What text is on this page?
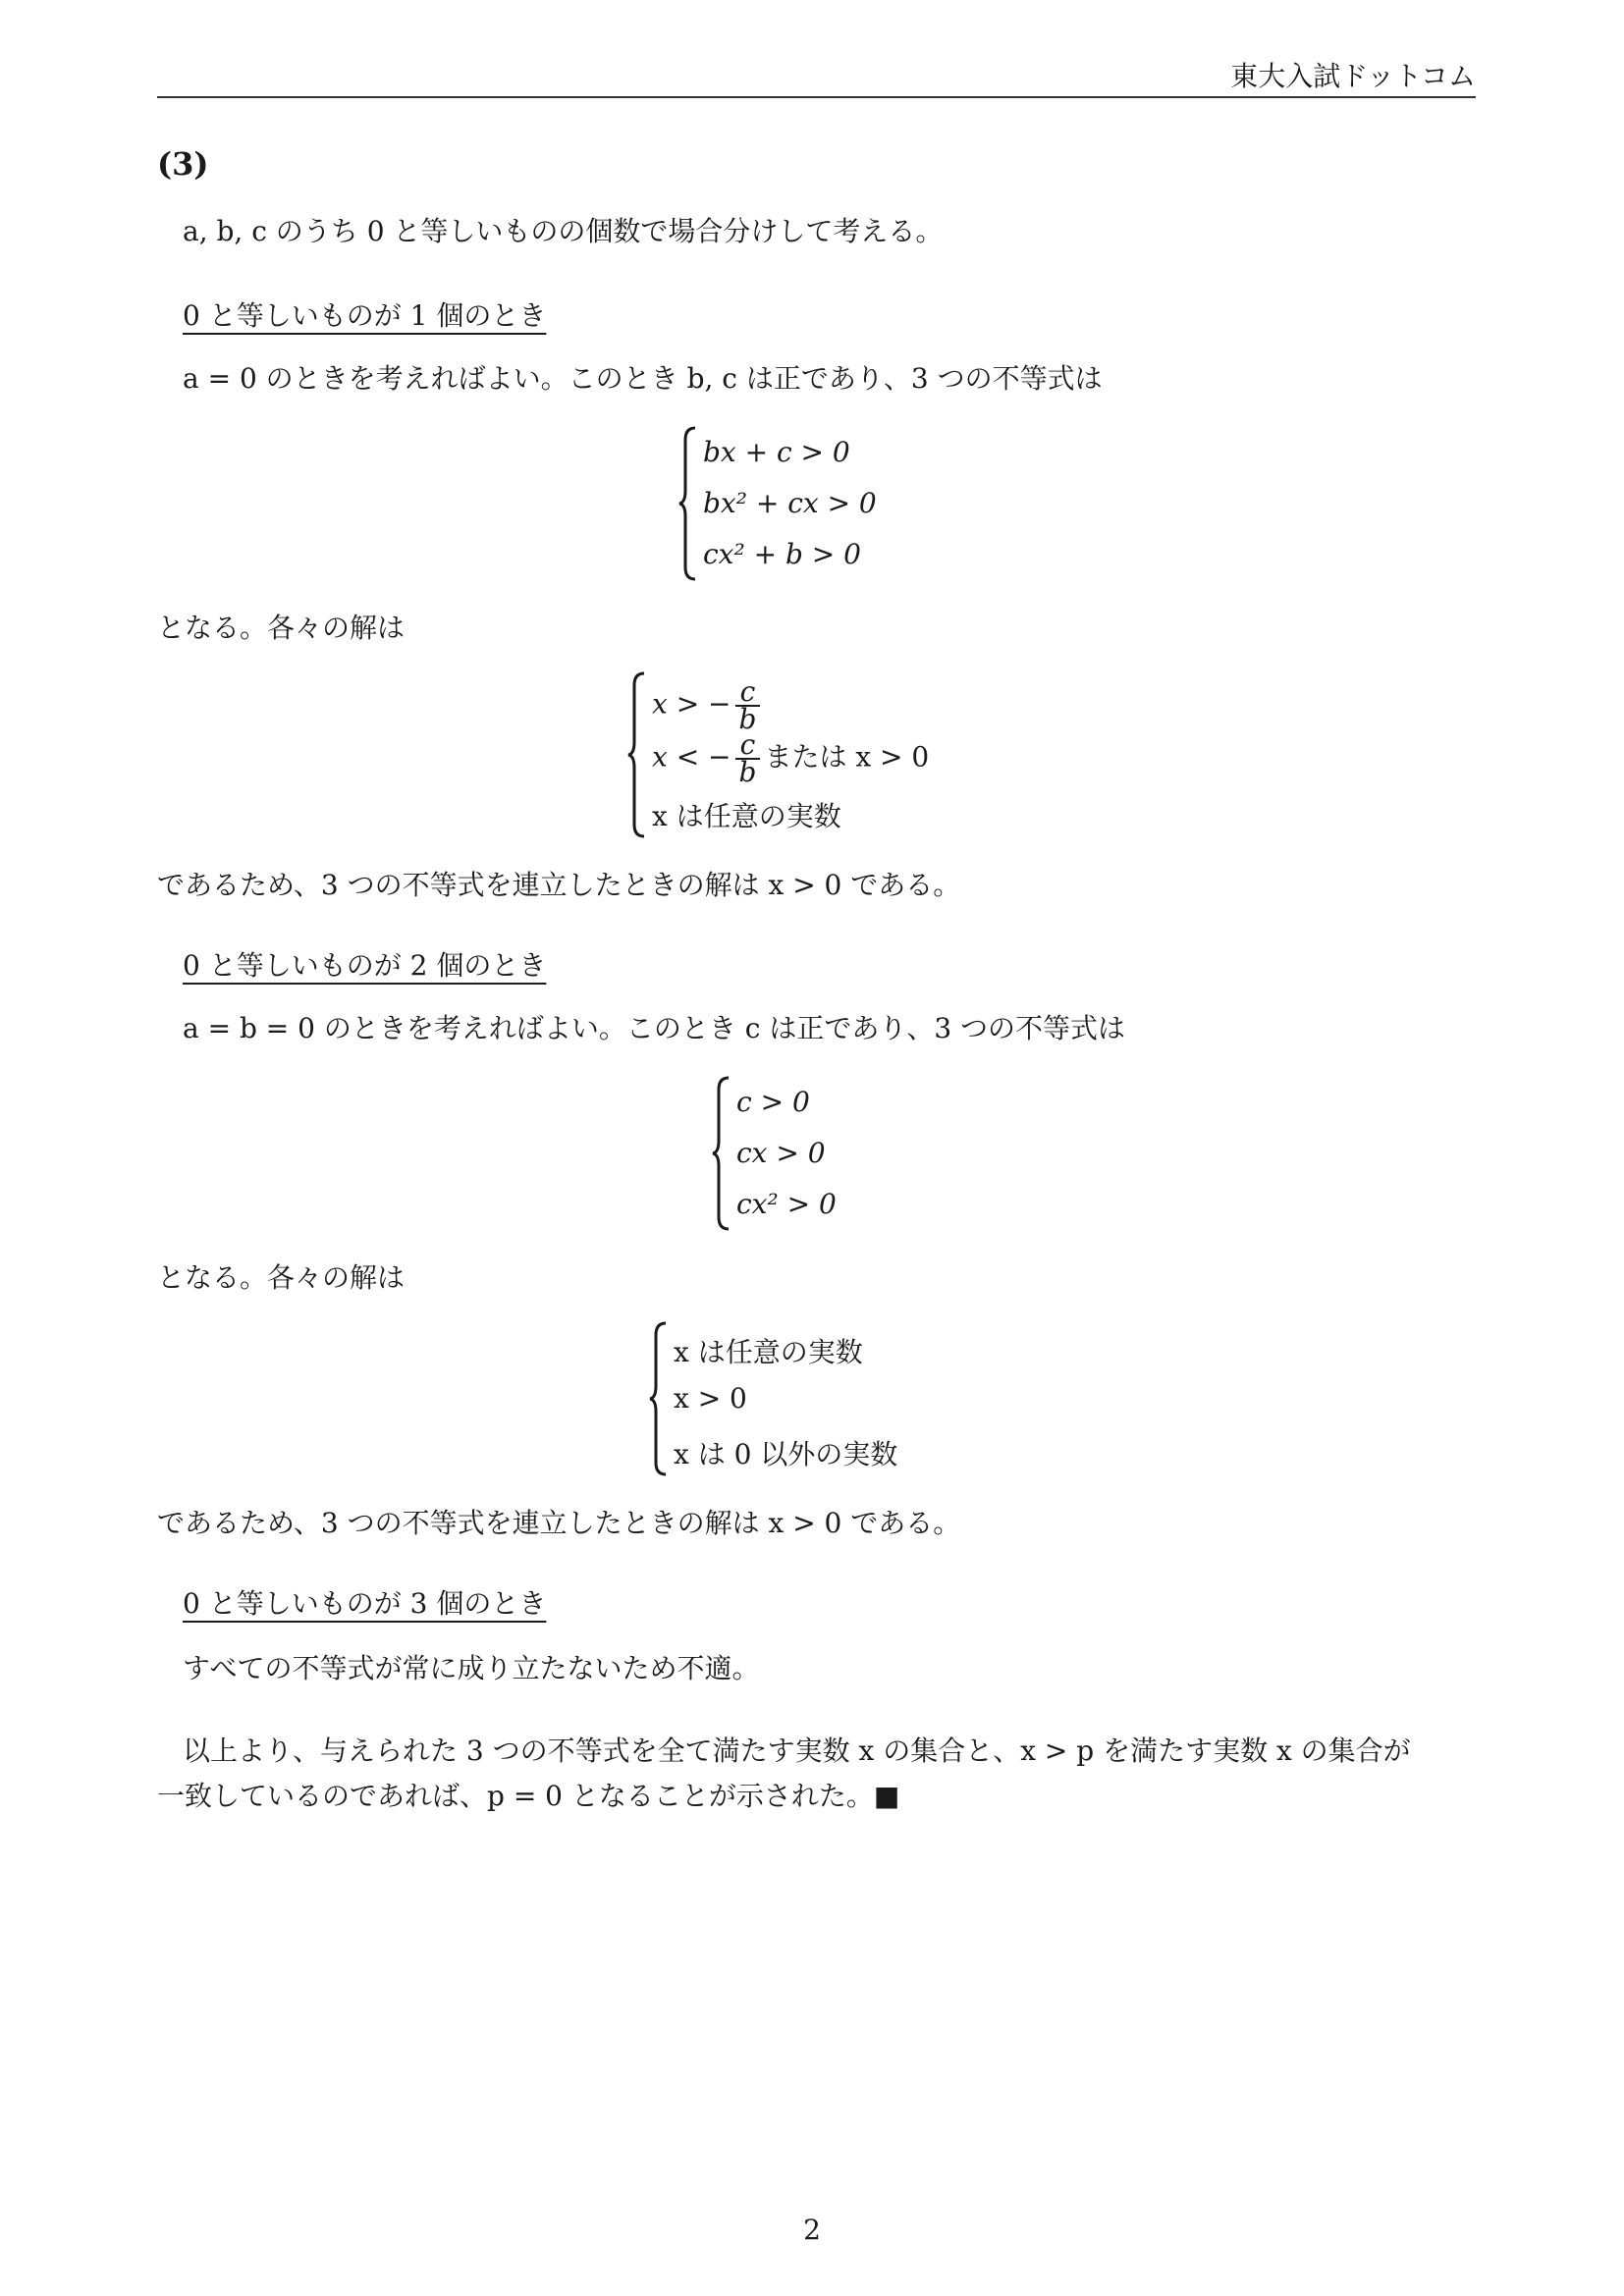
東大入試ドットコム
(3)
a, b, c のうち 0 と等しいものの個数で場合分けして考える。
0 と等しいものが 1 個のとき
a = 0 のときを考えればよい。このとき b, c は正であり、3 つの不等式は
bx + c > 0
bx² + cx > 0
cx² + b > 0
となる。各々の解は
x > − $\frac{c}{b}$
x < − $\frac{c}{b}$ または x > 0
x は任意の実数
であるため、3 つの不等式を連立したときの解は x > 0 である。
0 と等しいものが 2 個のとき
a = b = 0 のときを考えればよい。このとき c は正であり、3 つの不等式は
c > 0
cx > 0
cx² > 0
となる。各々の解は
x は任意の実数
x > 0
x は 0 以外の実数
であるため、3 つの不等式を連立したときの解は x > 0 である。
0 と等しいものが 3 個のとき
すべての不等式が常に成り立たないため不適。
以上より、与えられた 3 つの不等式を全て満たす実数 x の集合と、x > p を満たす実数 x の集合が
一致しているのであれば、p = 0 となることが示された。■
2
